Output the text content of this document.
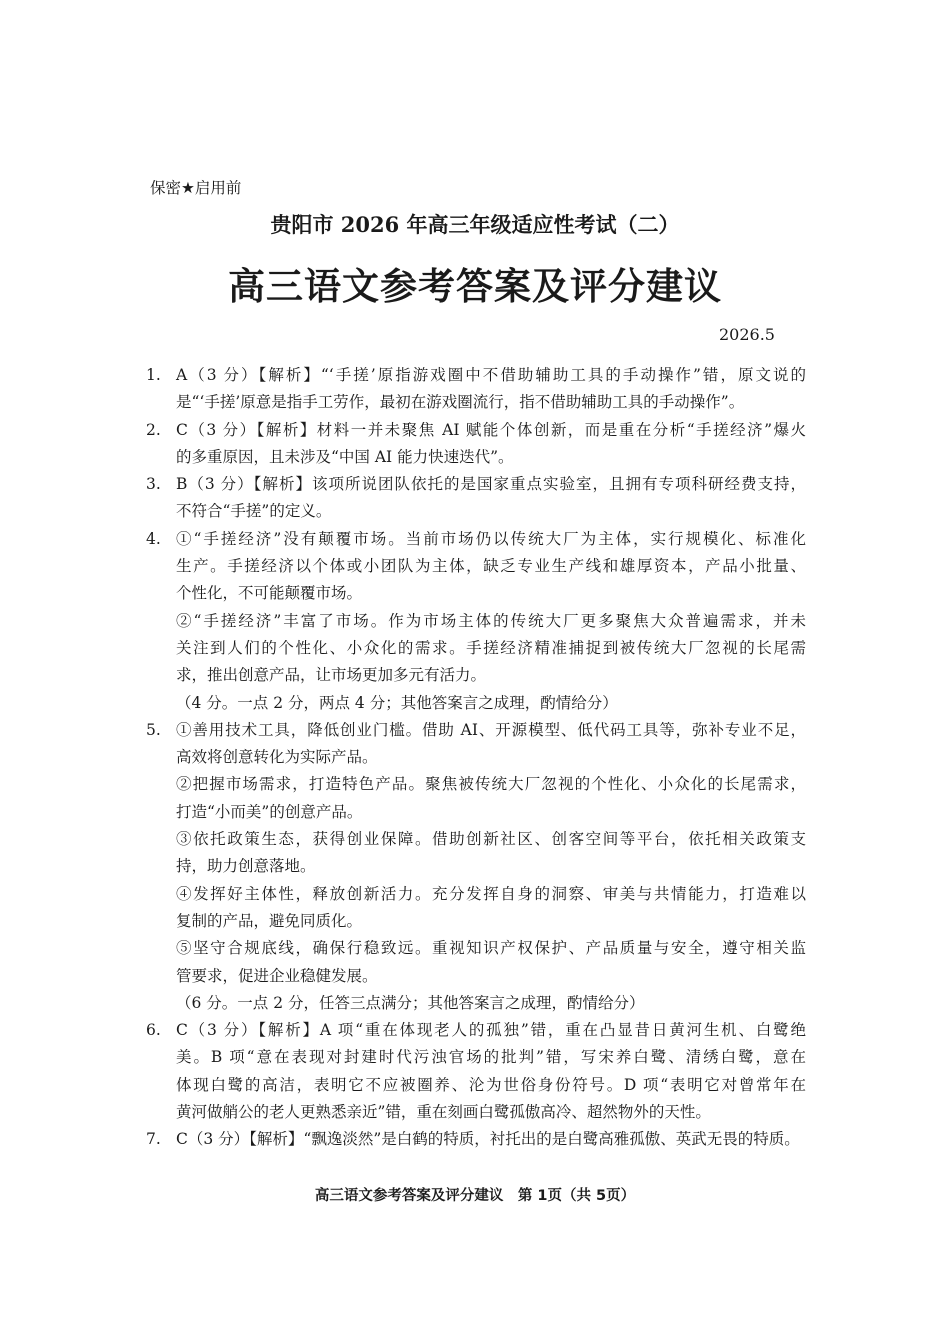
保密★启用前
贵阳市 2026 年高三年级适应性考试（二）
高三语文参考答案及评分建议
2026.5
1. A（3 分）【解析】“‘手搓’原指游戏圈中不借助辅助工具的手动操作”错，原文说的
是“‘手搓’原意是指手工劳作，最初在游戏圈流行，指不借助辅助工具的手动操作”。
2. C（3 分）【解析】材料一并未聚焦 AI 赋能个体创新，而是重在分析“手搓经济”爆火
的多重原因，且未涉及“中国 AI 能力快速迭代”。
3. B（3 分）【解析】该项所说团队依托的是国家重点实验室，且拥有专项科研经费支持，
不符合“手搓”的定义。
4. ①“手搓经济”没有颠覆市场。当前市场仍以传统大厂为主体，实行规模化、标准化
生产。手搓经济以个体或小团队为主体，缺乏专业生产线和雄厚资本，产品小批量、
个性化，不可能颠覆市场。
②“手搓经济”丰富了市场。作为市场主体的传统大厂更多聚焦大众普遍需求，并未
关注到人们的个性化、小众化的需求。手搓经济精准捕捉到被传统大厂忽视的长尾需
求，推出创意产品，让市场更加多元有活力。
（4 分。一点 2 分，两点 4 分；其他答案言之成理，酌情给分）
5. ①善用技术工具，降低创业门槛。借助 AI、开源模型、低代码工具等，弥补专业不足，
高效将创意转化为实际产品。
②把握市场需求，打造特色产品。聚焦被传统大厂忽视的个性化、小众化的长尾需求，
打造“小而美”的创意产品。
③依托政策生态，获得创业保障。借助创新社区、创客空间等平台，依托相关政策支
持，助力创意落地。
④发挥好主体性，释放创新活力。充分发挥自身的洞察、审美与共情能力，打造难以
复制的产品，避免同质化。
⑤坚守合规底线，确保行稳致远。重视知识产权保护、产品质量与安全，遵守相关监
管要求，促进企业稳健发展。
（6 分。一点 2 分，任答三点满分；其他答案言之成理，酌情给分）
6. C（3 分）【解析】A 项“重在体现老人的孤独”错，重在凸显昔日黄河生机、白鹭绝
美。B 项“意在表现对封建时代污浊官场的批判”错，写宋养白鹭、清绣白鹭，意在
体现白鹭的高洁，表明它不应被圈养、沦为世俗身份符号。D 项“表明它对曾常年在
黄河做艄公的老人更熟悉亲近”错，重在刻画白鹭孤傲高冷、超然物外的天性。
7. C（3 分）【解析】“飘逸淡然”是白鹤的特质，衬托出的是白鹭高雅孤傲、英武无畏的特质。
高三语文参考答案及评分建议　第 1页（共 5页）
